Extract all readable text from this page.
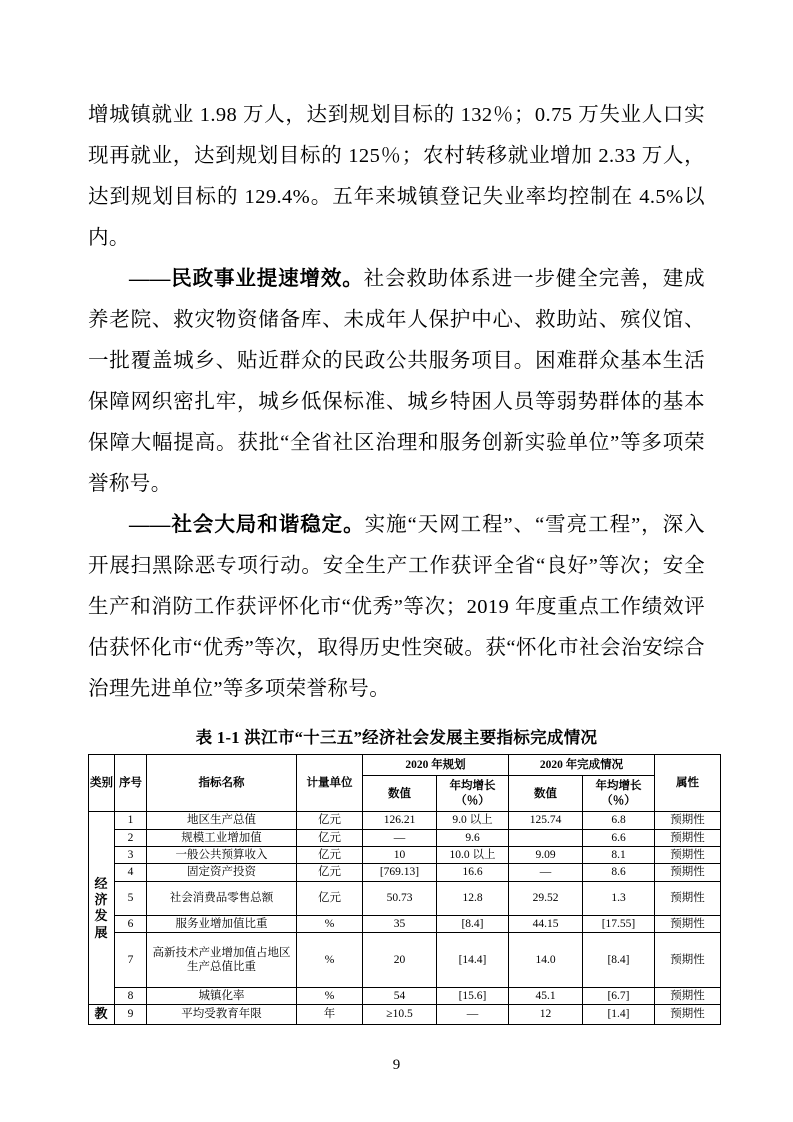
增城镇就业 1.98 万人，达到规划目标的 132％；0.75 万失业人口实现再就业，达到规划目标的 125％；农村转移就业增加 2.33 万人，达到规划目标的 129.4%。五年来城镇登记失业率均控制在 4.5%以内。

——民政事业提速增效。社会救助体系进一步健全完善，建成养老院、救灾物资储备库、未成年人保护中心、救助站、殡仪馆、一批覆盖城乡、贴近群众的民政公共服务项目。困难群众基本生活保障网织密扎牢，城乡低保标准、城乡特困人员等弱势群体的基本保障大幅提高。获批“全省社区治理和服务创新实验单位”等多项荣誉称号。

——社会大局和谐稳定。实施“天网工程”、“雪亮工程”，深入开展扫黑除恶专项行动。安全生产工作获评全省“良好”等次；安全生产和消防工作获评怀化市“优秀”等次；2019 年度重点工作绩效评估获怀化市“优秀”等次，取得历史性突破。获“怀化市社会治安综合治理先进单位”等多项荣誉称号。

表 1-1 洪江市“十三五”经济社会发展主要指标完成情况
类别	序号	指标名称	计量单位	2020 年规划		2020 年完成情况		属性
				数值	年均增长（％）	数值	年均增长（％）	
经济发展	1	地区生产总值	亿元	126.21	9.0 以上	125.74	6.8	预期性
	2	规模工业增加值	亿元	—	9.6		6.6	预期性
	3	一般公共预算收入	亿元	10	10.0 以上	9.09	8.1	预期性
	4	固定资产投资	亿元	[769.13]	16.6	—	8.6	预期性
	5	社会消费品零售总额	亿元	50.73	12.8	29.52	1.3	预期性
	6	服务业增加值比重	%	35	[8.4]	44.15	[17.55]	预期性
	7	高新技术产业增加值占地区生产总值比重	%	20	[14.4]	14.0	[8.4]	预期性
	8	城镇化率	%	54	[15.6]	45.1	[6.7]	预期性
教	9	平均受教育年限	年	≥10.5	—	12	[1.4]	预期性
9
